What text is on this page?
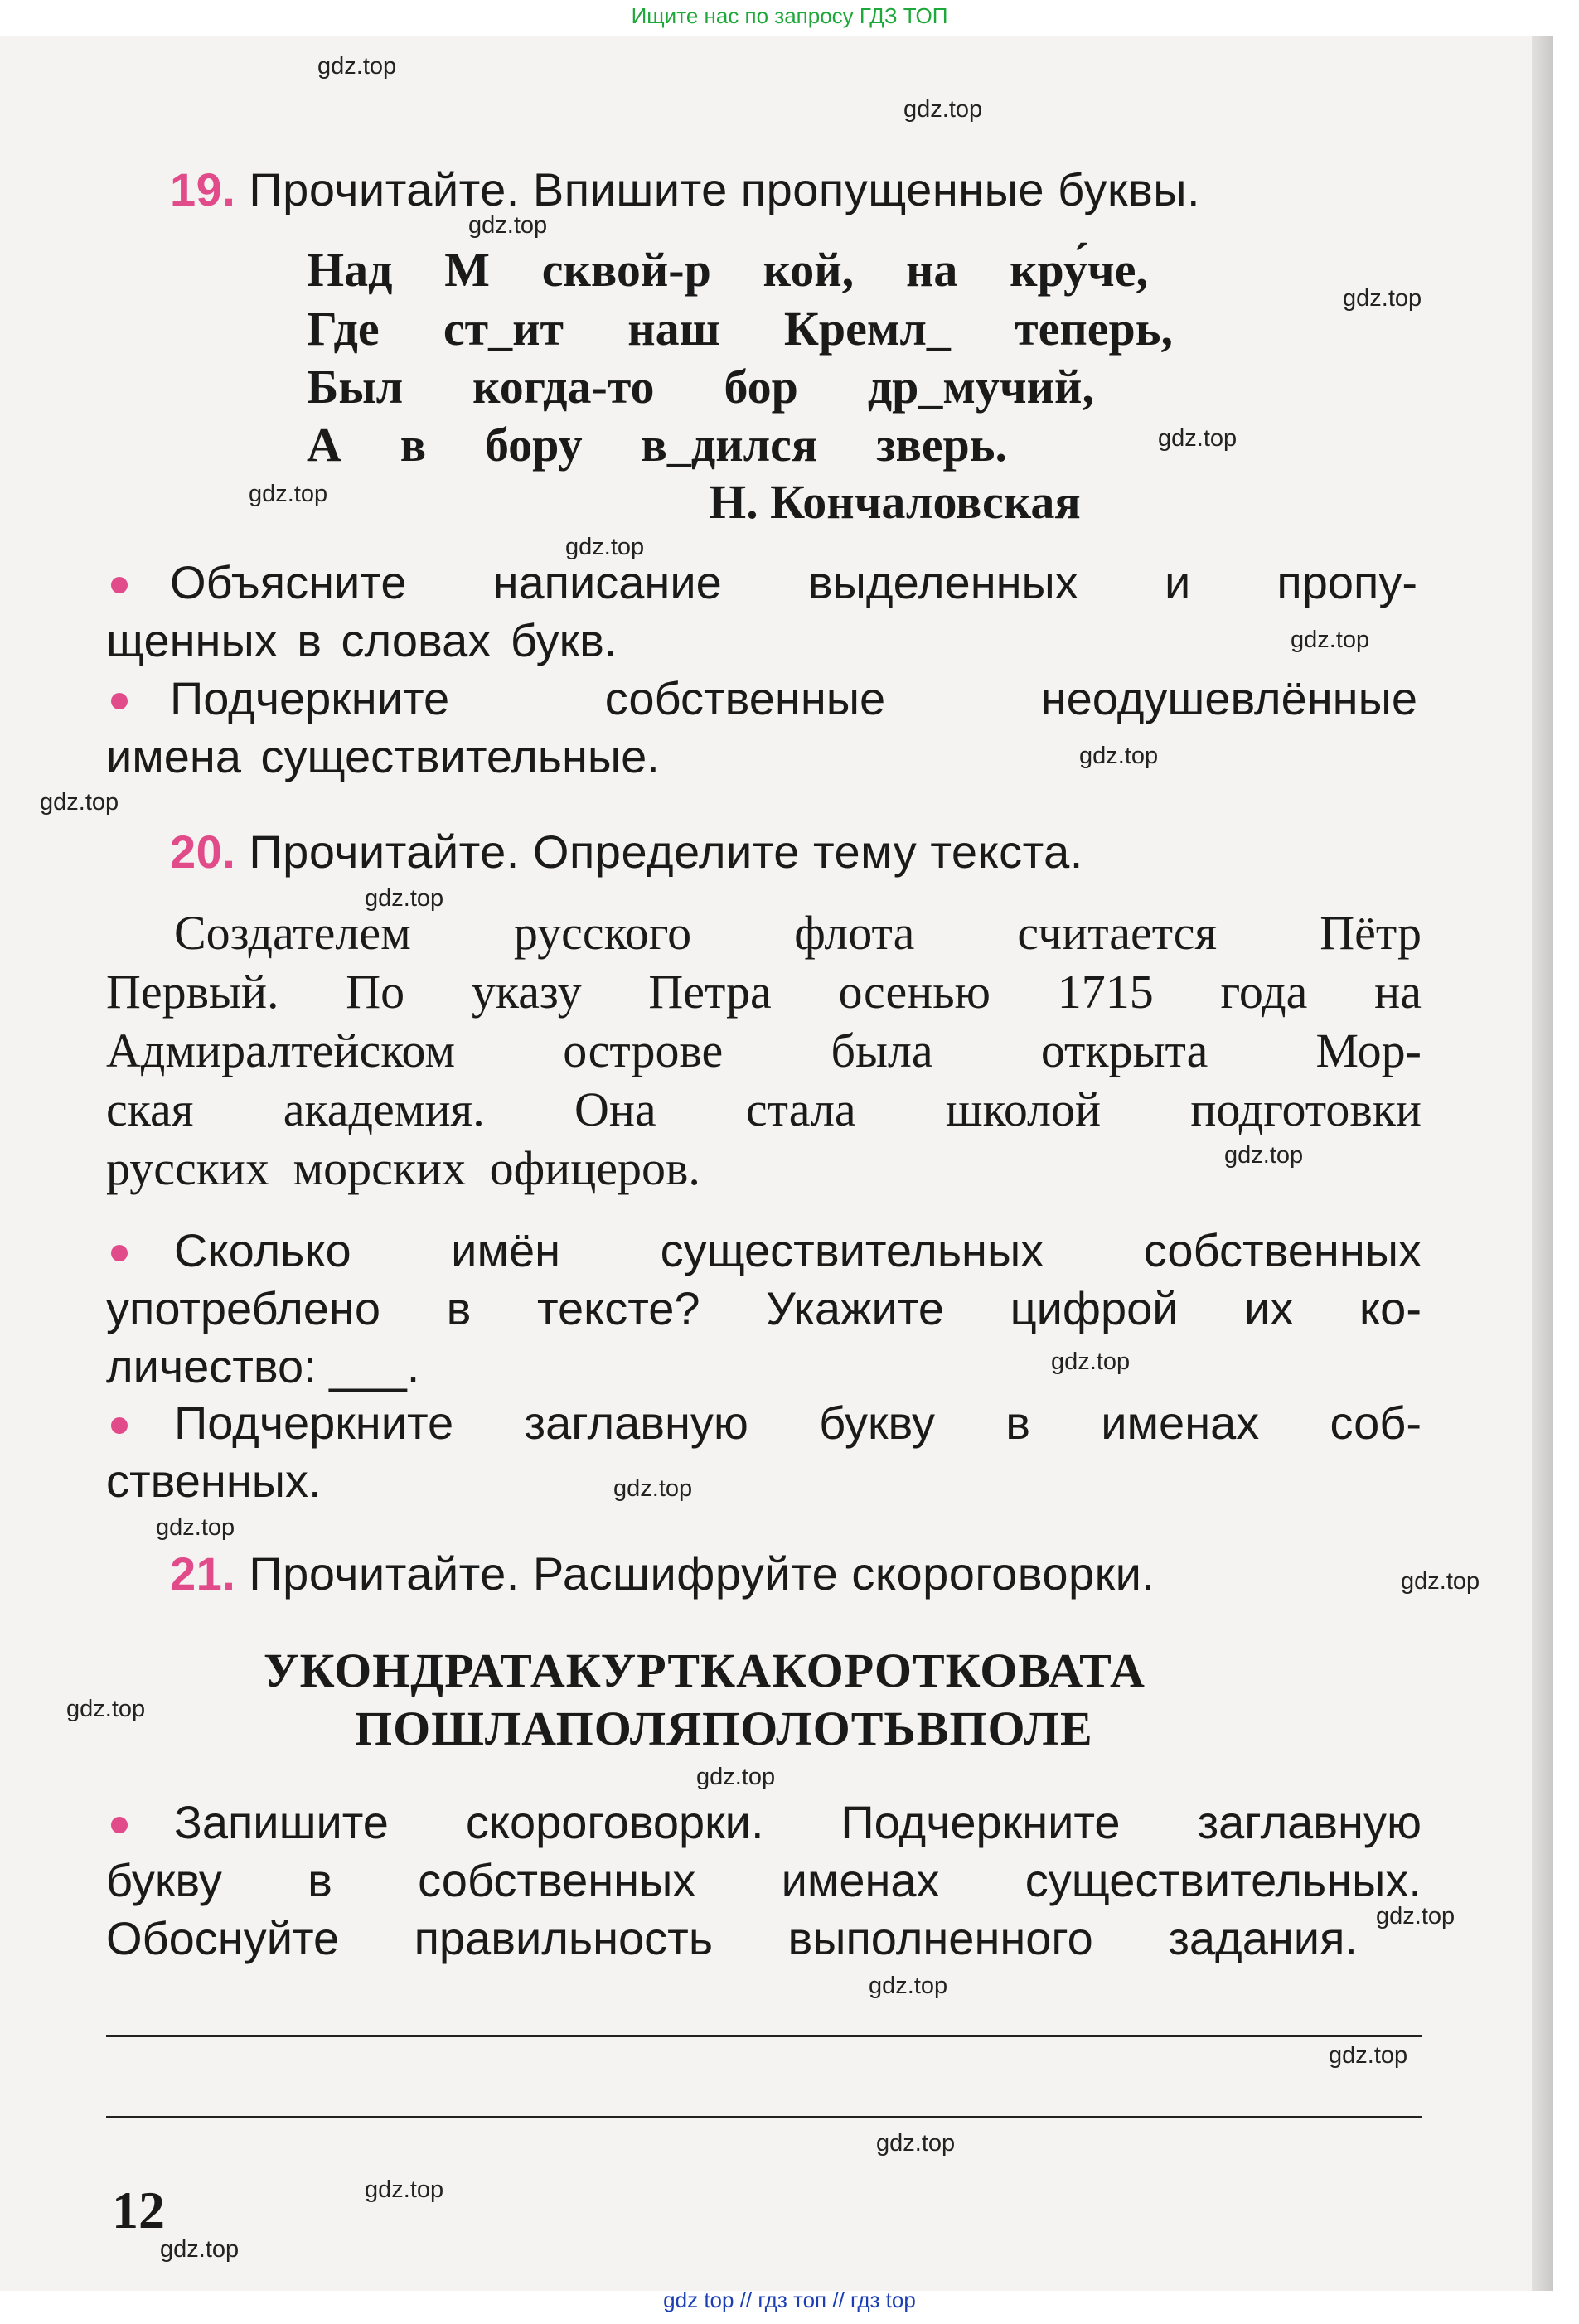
Ищите нас по запросу ГДЗ ТОП
19. Прочитайте. Впишите пропущенные буквы.
Над М сквой-р кой, на кру́че,
Где ст_ит наш Кремл_ теперь,
Был когда-то бор др_мучий,
А в бору в_дился зверь.
Н. Кончаловская
Объясните написание выделенных и пропу-
щенных в словах букв.
Подчеркните	собственные	неодушевлённые
имена существительные.
20. Прочитайте. Определите тему текста.
Создателем русского флота считается Пётр
Первый. По указу Петра осенью 1715 года на
Адмиралтейском острове была открыта Мор-
ская академия. Она стала школой подготовки
русских морских офицеров.
Сколько имён существительных собственных
употреблено в тексте? Укажите цифрой их ко-
личество: ___.
Подчеркните заглавную букву в именах соб-
ственных.
21. Прочитайте. Расшифруйте скороговорки.
УКОНДРАТАКУРТКАКОРОТКОВАТА
ПОШЛАПОЛЯПОЛОТЬВПОЛЕ
Запишите скороговорки. Подчеркните заглавную
букву в собственных именах существительных.
Обоснуйте правильность выполненного задания.
12
gdz.top
gdz.top
gdz.top
gdz.top
gdz.top
gdz.top
gdz.top
gdz.top
gdz.top
gdz.top
gdz.top
gdz.top
gdz.top
gdz.top
gdz.top
gdz.top
gdz.top
gdz.top
gdz.top
gdz.top
gdz.top
gdz.top
gdz.top
gdz.top
gdz top // гдз топ // гдз top
